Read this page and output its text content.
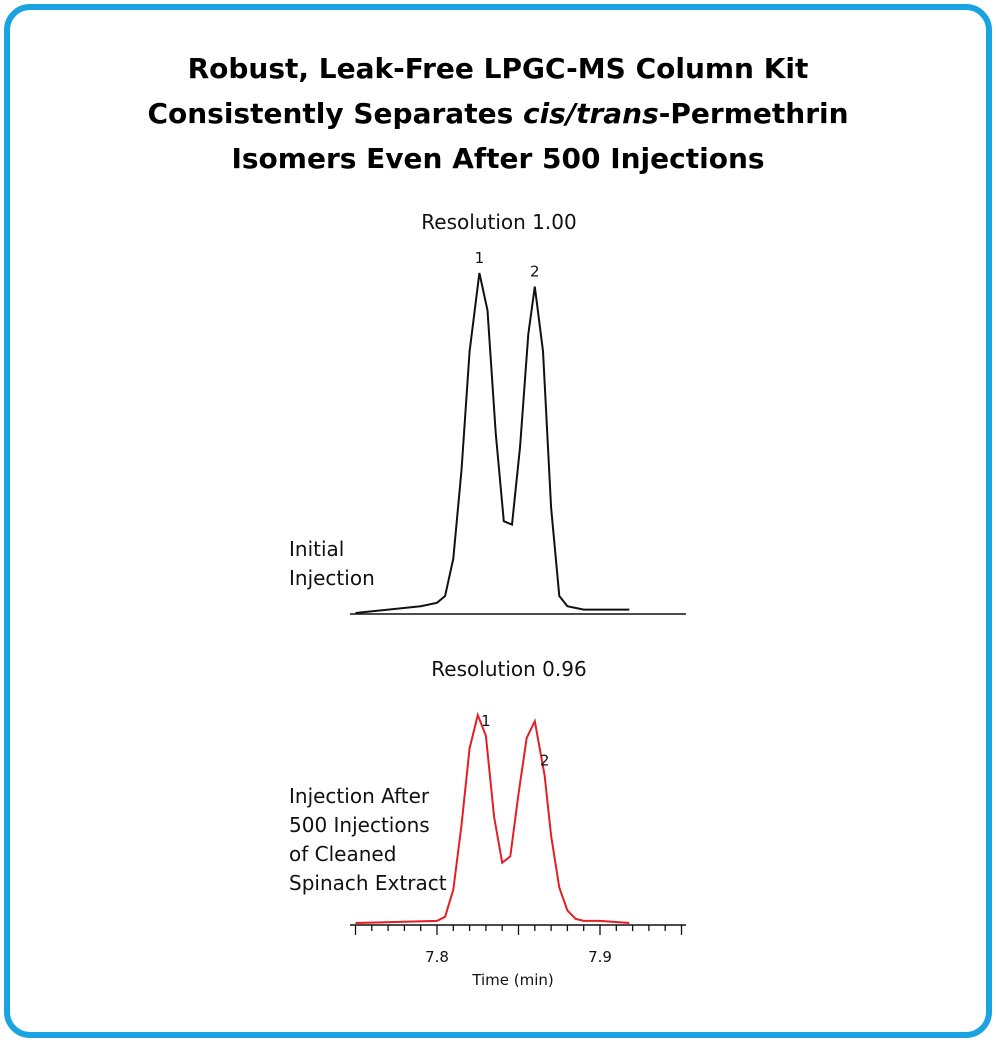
Robust, Leak-Free LPGC-MS Column Kit
Consistently Separates cis/trans-Permethrin
Isomers Even After 500 Injections
Resolution 1.00
Initial
Injection
1
2
Resolution 0.96
Injection After
500 Injections
of Cleaned
Spinach Extract
7.8	7.9
Time (min)
1
2
